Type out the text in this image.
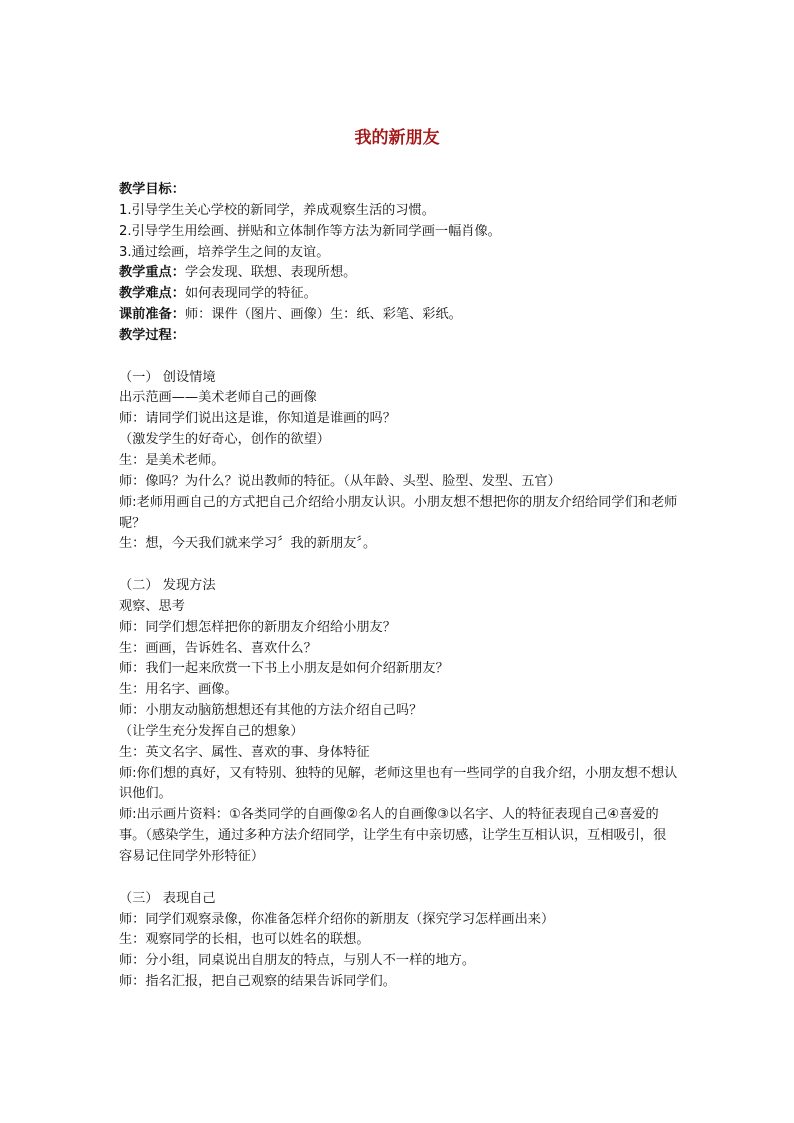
我的新朋友
教学目标：
1.引导学生关心学校的新同学，养成观察生活的习惯。
2.引导学生用绘画、拼贴和立体制作等方法为新同学画一幅肖像。
3.通过绘画，培养学生之间的友谊。
教学重点：学会发现、联想、表现所想。
教学难点：如何表现同学的特征。
课前准备：师：课件（图片、画像）生：纸、彩笔、彩纸。
教学过程：
（一） 创设情境
出示范画——美术老师自己的画像
师：请同学们说出这是谁，你知道是谁画的吗？
（激发学生的好奇心，创作的欲望）
生：是美术老师。
师：像吗？为什么？说出教师的特征。（从年龄、头型、脸型、发型、五官）
师:老师用画自己的方式把自己介绍给小朋友认识。小朋友想不想把你的朋友介绍给同学们和老师呢？
生：想，今天我们就来学习〞我的新朋友〞。
（二） 发现方法
观察、思考
师：同学们想怎样把你的新朋友介绍给小朋友？
生：画画，告诉姓名、喜欢什么？
师：我们一起来欣赏一下书上小朋友是如何介绍新朋友？
生：用名字、画像。
师：小朋友动脑筋想想还有其他的方法介绍自己吗？
（让学生充分发挥自己的想象）
生：英文名字、属性、喜欢的事、身体特征
师:你们想的真好，又有特别、独特的见解，老师这里也有一些同学的自我介绍，小朋友想不想认识他们。
师:出示画片资料：①各类同学的自画像②名人的自画像③以名字、人的特征表现自己④喜爱的事。（感染学生，通过多种方法介绍同学，让学生有中亲切感，让学生互相认识，互相吸引，很容易记住同学外形特征）
（三） 表现自己
师：同学们观察录像，你准备怎样介绍你的新朋友（探究学习怎样画出来）
生：观察同学的长相，也可以姓名的联想。
师：分小组，同桌说出自朋友的特点，与别人不一样的地方。
师：指名汇报，把自己观察的结果告诉同学们。
